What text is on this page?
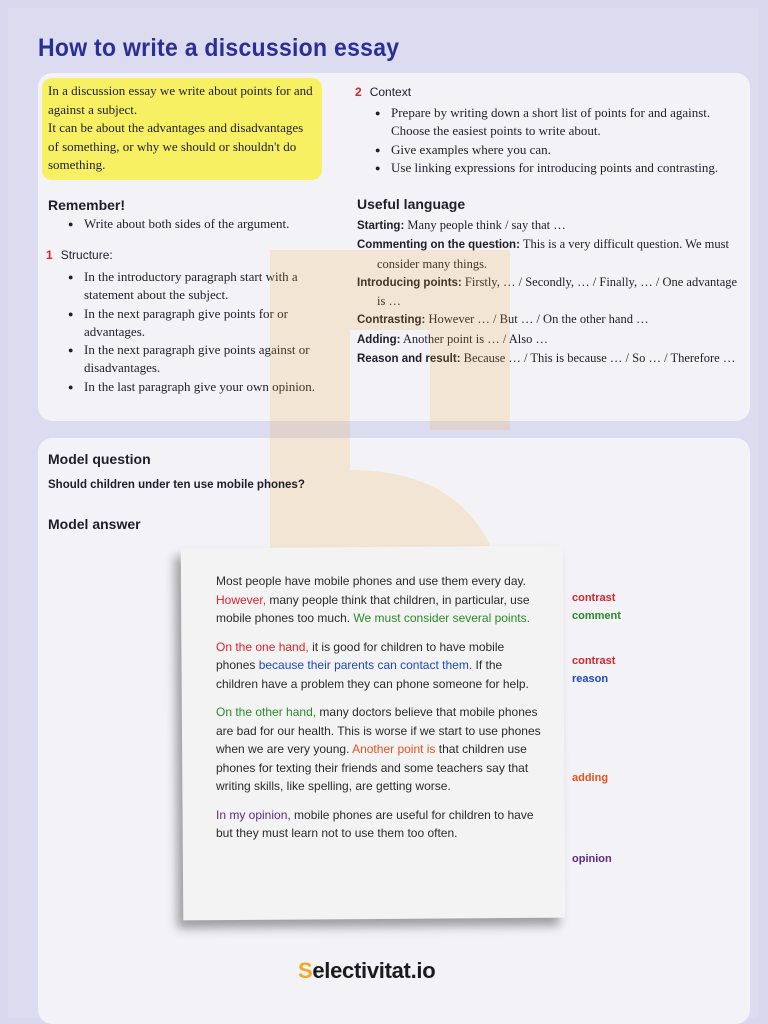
How to write a discussion essay

In a discussion essay we write about points for and against a subject.

It can be about the advantages and disadvantages of something, or why we should or shouldn't do something.

Remember!
● Write about both sides of the argument.
1 Structure:
● In the introductory paragraph start with a statement about the subject.
● In the next paragraph give points for or advantages.
● In the next paragraph give points against or disadvantages.
● In the last paragraph give your own opinion.
2 Context
● Prepare by writing down a short list of points for and against. Choose the easiest points to write about.
● Give examples where you can.
● Use linking expressions for introducing points and contrasting.
Useful language
Starting: Many people think / say that …
Commenting on the question: This is a very difficult question. We must consider many things.
Introducing points: Firstly, … / Secondly, … / Finally, … / One advantage is …
Contrasting: However … / But … / On the other hand …
Adding: Another point is … / Also …
Reason and result: Because … / This is because … / So … / Therefore …
Model question
Should children under ten use mobile phones?
Model answer

Most people have mobile phones and use them every day. However, many people think that children, in particular, use mobile phones too much. We must consider several points.

On the one hand, it is good for children to have mobile phones because their parents can contact them. If the children have a problem they can phone someone for help.

On the other hand, many doctors believe that mobile phones are bad for our health. This is worse if we start to use phones when we are very young. Another point is that children use phones for texting their friends and some teachers say that writing skills, like spelling, are getting worse.

In my opinion, mobile phones are useful for children to have but they must learn not to use them too often.

contrast
comment
contrast
reason
adding
opinion
Selectivitat.io
